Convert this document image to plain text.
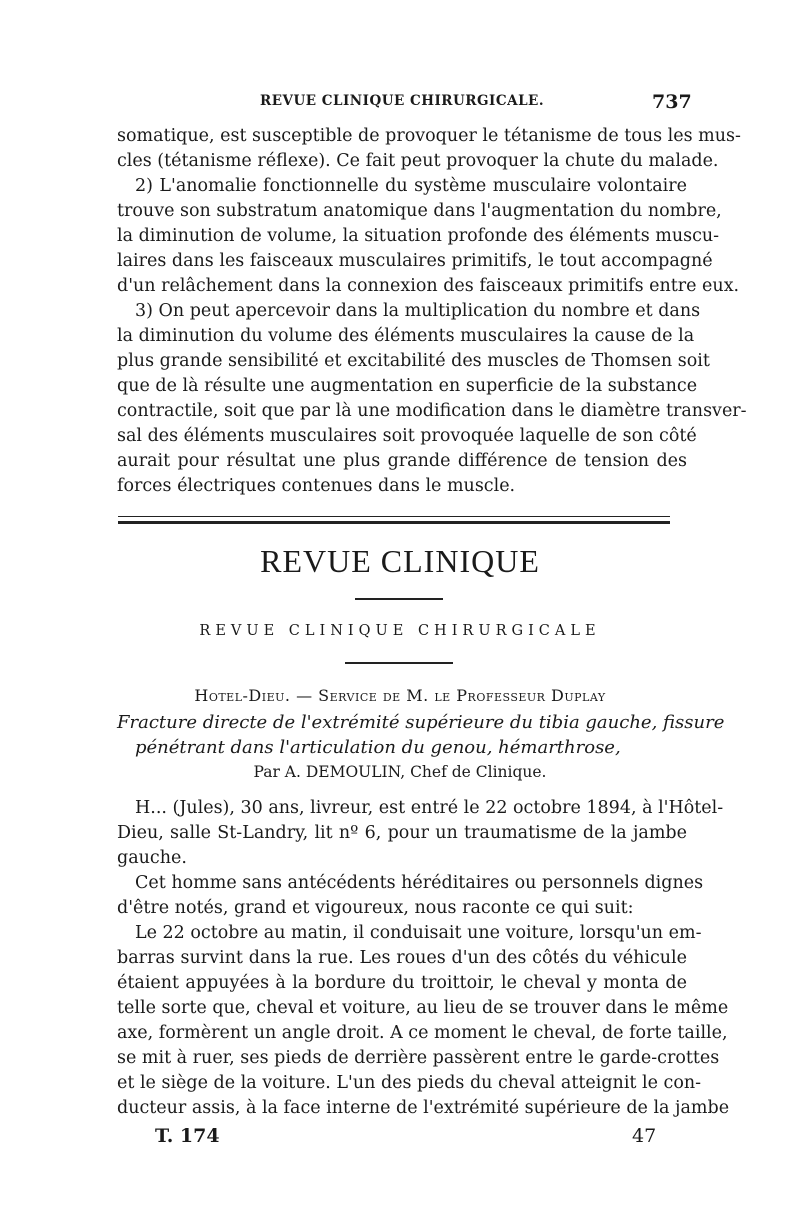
REVUE CLINIQUE CHIRURGICALE.	737
somatique, est susceptible de provoquer le tétanisme de tous les mus-
cles (tétanisme réflexe). Ce fait peut provoquer la chute du malade.
2) L'anomalie fonctionnelle du système musculaire volontaire
trouve son substratum anatomique dans l'augmentation du nombre,
la diminution de volume, la situation profonde des éléments muscu-
laires dans les faisceaux musculaires primitifs, le tout accompagné
d'un relâchement dans la connexion des faisceaux primitifs entre eux.
3) On peut apercevoir dans la multiplication du nombre et dans
la diminution du volume des éléments musculaires la cause de la
plus grande sensibilité et excitabilité des muscles de Thomsen soit
que de là résulte une augmentation en superficie de la substance
contractile, soit que par là une modification dans le diamètre transver-
sal des éléments musculaires soit provoquée laquelle de son côté
aurait pour résultat une plus grande différence de tension des
forces électriques contenues dans le muscle.
REVUE CLINIQUE
REVUE CLINIQUE CHIRURGICALE
Hotel-Dieu. — Service de M. le Professeur Duplay
Fracture directe de l'extrémité supérieure du tibia gauche, fissure
pénétrant dans l'articulation du genou, hémarthrose,
Par A. DEMOULIN, Chef de Clinique.
H... (Jules), 30 ans, livreur, est entré le 22 octobre 1894, à l'Hôtel-
Dieu, salle St-Landry, lit nº 6, pour un traumatisme de la jambe
gauche.
Cet homme sans antécédents héréditaires ou personnels dignes
d'être notés, grand et vigoureux, nous raconte ce qui suit:
Le 22 octobre au matin, il conduisait une voiture, lorsqu'un em-
barras survint dans la rue. Les roues d'un des côtés du véhicule
étaient appuyées à la bordure du troittoir, le cheval y monta de
telle sorte que, cheval et voiture, au lieu de se trouver dans le même
axe, formèrent un angle droit. A ce moment le cheval, de forte taille,
se mit à ruer, ses pieds de derrière passèrent entre le garde-crottes
et le siège de la voiture. L'un des pieds du cheval atteignit le con-
ducteur assis, à la face interne de l'extrémité supérieure de la jambe
T. 174	47
